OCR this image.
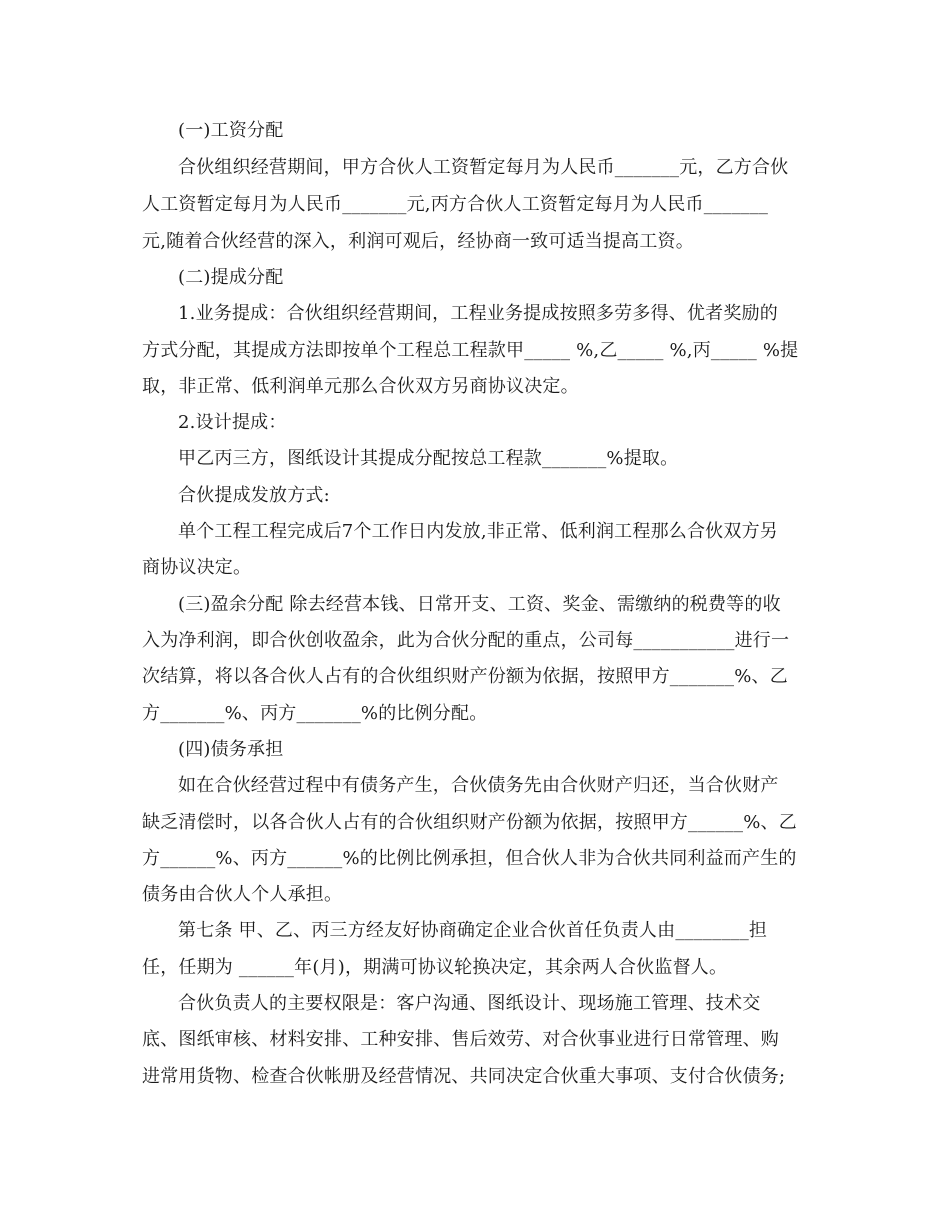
(一)工资分配
合伙组织经营期间，甲方合伙人工资暂定每月为人民币_______元，乙方合伙
人工资暂定每月为人民币_______元,丙方合伙人工资暂定每月为人民币_______
元,随着合伙经营的深入，利润可观后，经协商一致可适当提高工资。
(二)提成分配
1.业务提成：合伙组织经营期间，工程业务提成按照多劳多得、优者奖励的
方式分配，其提成方法即按单个工程总工程款甲_____ %,乙_____ %,丙_____ %提
取，非正常、低利润单元那么合伙双方另商协议决定。
2.设计提成：
甲乙丙三方，图纸设计其提成分配按总工程款_______%提取。
合伙提成发放方式:
单个工程工程完成后7个工作日内发放,非正常、低利润工程那么合伙双方另
商协议决定。
(三)盈余分配 除去经营本钱、日常开支、工资、奖金、需缴纳的税费等的收
入为净利润，即合伙创收盈余，此为合伙分配的重点，公司每___________进行一
次结算，将以各合伙人占有的合伙组织财产份额为依据，按照甲方_______%、乙
方_______%、丙方_______%的比例分配。
(四)债务承担
如在合伙经营过程中有债务产生，合伙债务先由合伙财产归还，当合伙财产
缺乏清偿时，以各合伙人占有的合伙组织财产份额为依据，按照甲方______%、乙
方______%、丙方______%的比例比例承担，但合伙人非为合伙共同利益而产生的
债务由合伙人个人承担。
第七条 甲、乙、丙三方经友好协商确定企业合伙首任负责人由________担
任，任期为 ______年(月)，期满可协议轮换决定，其余两人合伙监督人。
合伙负责人的主要权限是：客户沟通、图纸设计、现场施工管理、技术交
底、图纸审核、材料安排、工种安排、售后效劳、对合伙事业进行日常管理、购
进常用货物、检查合伙帐册及经营情况、共同决定合伙重大事项、支付合伙债务;
